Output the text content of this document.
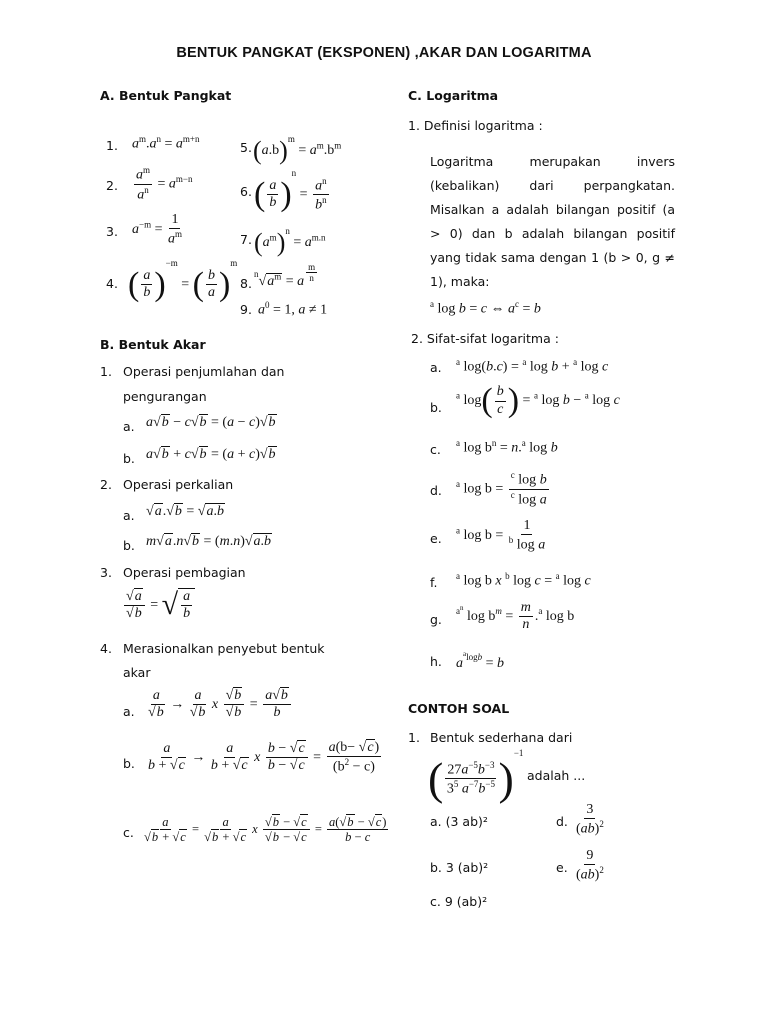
BENTUK PANGKAT (EKSPONEN) ,AKAR DAN LOGARITMA
A. Bentuk Pangkat
1. $a^m.a^n = a^{m+n}$
2. $\frac{a^m}{a^n} = a^{m-n}$
3. $a^{-m} = \frac{1}{a^m}$
4. ( $\frac{a}{b} )^{-m}$ = ( $\frac{b}{a} )^m$
5. $(a.b)^m = a^m.b^m$
6. ( $\frac{a}{b} )^n = \frac{a^n}{b^n}$
7. $(a^m)^n = a^{m.n}$
8.
$^n√a^m = a$ $^{\frac{m}{n}}$
9. $a^0 = 1$, a ≠ 1
B. Bentuk Akar
1. Operasi penjumlahan dan
pengurangan
a. a√b − c√b = (a − c)√b
b. a√b + c√b = (a + c)√b
2. Operasi perkalian
a. √a.√b = √a.b
b. m√a.n√b = (m.n)√a.b
3. Operasi pembagian
$\frac{√a}{√b}$ = √ $\frac{a}{b}$
4. Merasionalkan penyebut bentuk
akar
a. $\frac{a}{√b} \to \frac{a}{√b}$ x $\frac{√b}{√b} = \frac{a√b}{b}$
b. $\frac{a}{b + √c} \to \frac{a}{b + √c}$ x $\frac{b - √c}{b - √c} = \frac{a(b- √c)}{(b^2 - c)}$
c. $\frac{a}{√b + √c} = \frac{a}{√b + √c}$ x $\frac{√b - √c}{√b - √c} = \frac{a(√b - √c)}{b - c}$
C. Logaritma
1. Definisi logaritma :
Logaritma merupakan invers
(kebalikan) dari perpangkatan.
Misalkan a adalah bilangan positif (a
> 0) dan b adalah bilangan positif
yang tidak sama dengan 1 (b > 0, g ≠
1), maka:
$^a$ log b = c ⇔ $a^c = b$
2. Sifat-sifat logaritma :
a. $^a$ log(b.c) = $^a$ log b + $^a$ log c
b.
$^a$ $\log( \frac{b}{c}$ ) = $^a$ log b − $^a$ log c
c. $^a$ $\log b^n = n.^a$ log b
d. $^a$ $\log b = \frac{^c \log b}{^c \log a}$
e.
$^a$ $\log b = \frac{1}{^b \log a}$
f. $^a$ log b x $^b$ log c = $^a$ log c
g.
$^{a^n}$ $\log b^m = \frac{m}{n} .^a$ log b
h. $a^{^alogb} = b$
CONTOH SOAL
1. Bentuk sederhana dari
( $\frac{27a^{-5}b^{-3}}{3^5 a^{-7}b^{-5}} )^{-1}$
adalah ...
a. (3 ab)²
b. 3 (ab)²
c. 9 (ab)²
d. $\frac{3}{(ab)^2}$
e. $\frac{9}{(ab)^2}$
